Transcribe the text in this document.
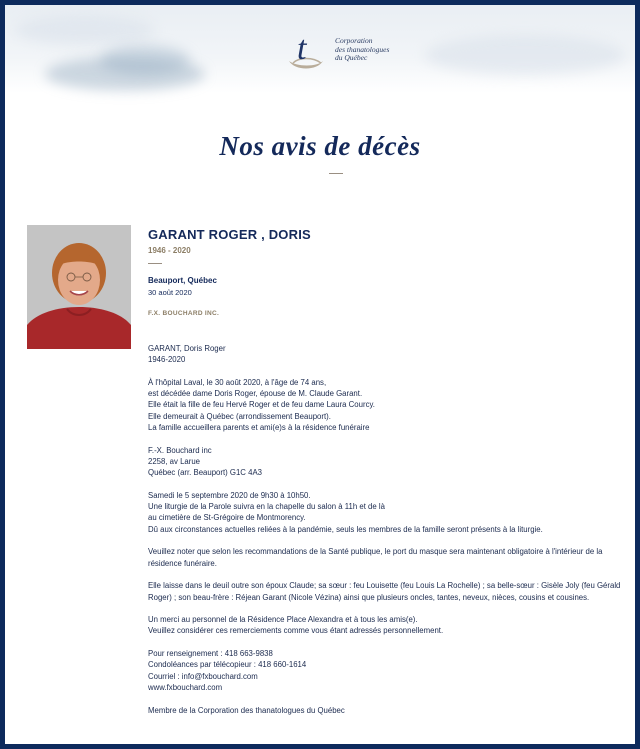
t	Corporation
des thanatologues
du Québec
Nos avis de décès
GARANT ROGER , DORIS
1946 - 2020
Beauport, Québec
30 août 2020
F.X. BOUCHARD INC.

GARANT, Doris Roger
1946-2020

À l'hôpital Laval, le 30 août 2020, à l'âge de 74 ans,
est décédée dame Doris Roger, épouse de M. Claude Garant.
Elle était la fille de feu Hervé Roger et de feu dame Laura Courcy.
Elle demeurait à Québec (arrondissement Beauport).
La famille accueillera parents et ami(e)s à la résidence funéraire

F.-X. Bouchard inc
2258, av Larue
Québec (arr. Beauport) G1C 4A3

Samedi le 5 septembre 2020 de 9h30 à 10h50.
Une liturgie de la Parole suivra en la chapelle du salon à 11h et de là
au cimetière de St-Grégoire de Montmorency.
Dû aux circonstances actuelles reliées à la pandémie, seuls les membres de la famille seront présents à la liturgie.

Veuillez noter que selon les recommandations de la Santé publique, le port du masque sera maintenant obligatoire à l'intérieur de la
résidence funéraire.

Elle laisse dans le deuil outre son époux Claude; sa sœur : feu Louisette (feu Louis La Rochelle) ; sa belle-sœur : Gisèle Joly (feu Gérald
Roger) ; son beau-frère : Réjean Garant (Nicole Vézina) ainsi que plusieurs oncles, tantes, neveux, nièces, cousins et cousines.

Un merci au personnel de la Résidence Place Alexandra et à tous les amis(e).
Veuillez considérer ces remerciements comme vous étant adressés personnellement.

Pour renseignement : 418 663-9838
Condoléances par télécopieur : 418 660-1614
Courriel : info@fxbouchard.com
www.fxbouchard.com

Membre de la Corporation des thanatologues du Québec
